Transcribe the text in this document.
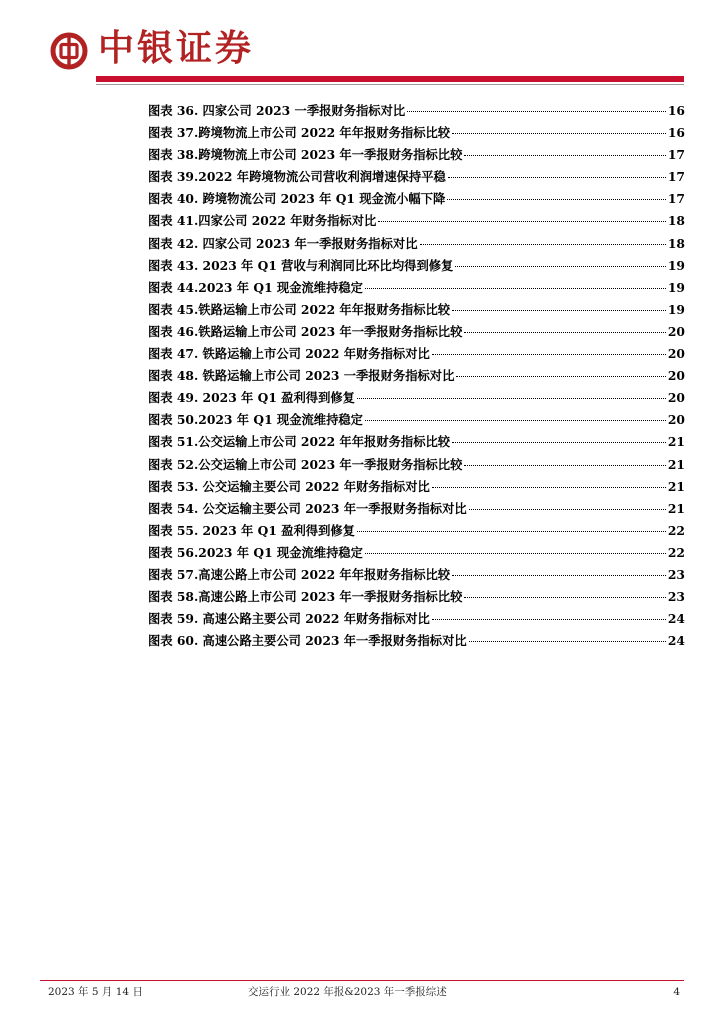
中银证券
图表 36. 四家公司 2023 一季报财务指标对比	16
图表 37.跨境物流上市公司 2022 年年报财务指标比较	16
图表 38.跨境物流上市公司 2023 年一季报财务指标比较	17
图表 39.2022 年跨境物流公司营收利润增速保持平稳	17
图表 40. 跨境物流公司 2023 年 Q1 现金流小幅下降	17
图表 41.四家公司 2022 年财务指标对比	18
图表 42. 四家公司 2023 年一季报财务指标对比	18
图表 43. 2023 年 Q1 营收与利润同比环比均得到修复	19
图表 44.2023 年 Q1 现金流维持稳定	19
图表 45.铁路运输上市公司 2022 年年报财务指标比较	19
图表 46.铁路运输上市公司 2023 年一季报财务指标比较	20
图表 47. 铁路运输上市公司 2022 年财务指标对比	20
图表 48. 铁路运输上市公司 2023 一季报财务指标对比	20
图表 49. 2023 年 Q1 盈利得到修复	20
图表 50.2023 年 Q1 现金流维持稳定	20
图表 51.公交运输上市公司 2022 年年报财务指标比较	21
图表 52.公交运输上市公司 2023 年一季报财务指标比较	21
图表 53. 公交运输主要公司 2022 年财务指标对比	21
图表 54. 公交运输主要公司 2023 年一季报财务指标对比	21
图表 55. 2023 年 Q1 盈利得到修复	22
图表 56.2023 年 Q1 现金流维持稳定	22
图表 57.高速公路上市公司 2022 年年报财务指标比较	23
图表 58.高速公路上市公司 2023 年一季报财务指标比较	23
图表 59. 高速公路主要公司 2022 年财务指标对比	24
图表 60. 高速公路主要公司 2023 年一季报财务指标对比	24
2023 年 5 月 14 日	交运行业 2022 年报&2023 年一季报综述	4
